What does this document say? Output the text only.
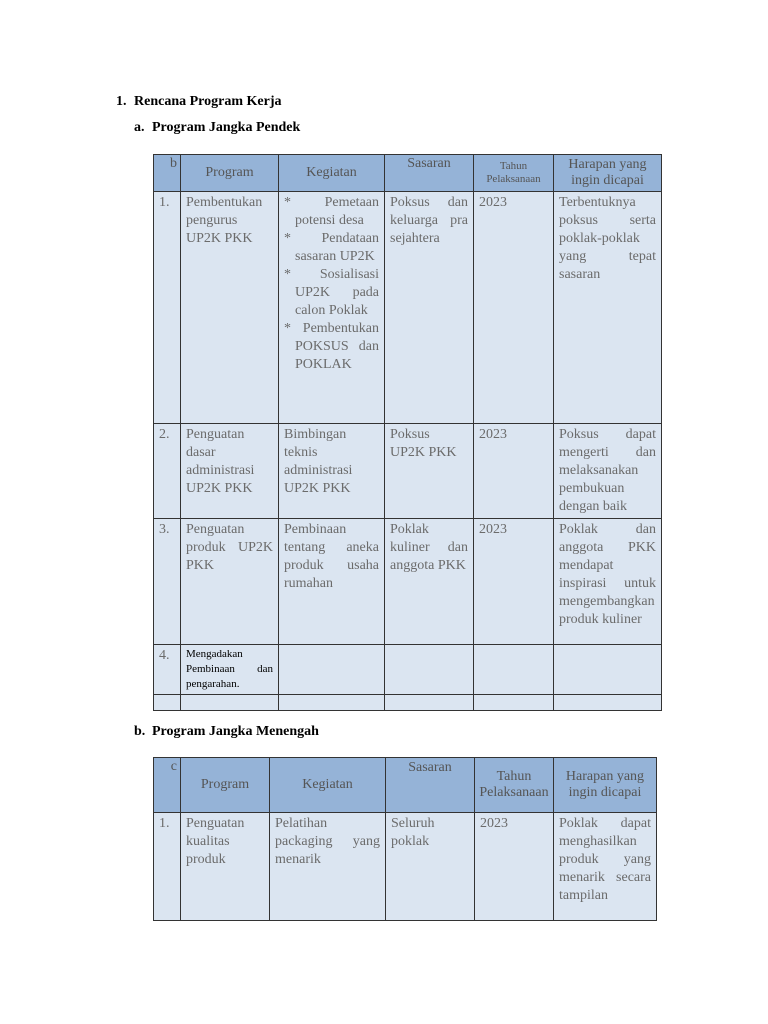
1. Rencana Program Kerja
a. Program Jangka Pendek
b	Program	Kegiatan	Sasaran	Tahun Pelaksanaan	Harapan yang ingin dicapai
1.	Pembentukan pengurus UP2K PKK	* Pemetaan potensi desa
* Pendataan sasaran UP2K
* Sosialisasi UP2K pada calon Poklak
* Pembentukan POKSUS dan POKLAK	Poksus dan keluarga pra sejahtera	2023	Terbentuknya poksus serta poklak-poklak yang tepat sasaran
2.	Penguatan dasar administrasi UP2K PKK	Bimbingan teknis administrasi UP2K PKK	Poksus UP2K PKK	2023	Poksus dapat mengerti dan melaksanakan pembukuan dengan baik
3.	Penguatan produk UP2K PKK	Pembinaan tentang aneka produk usaha rumahan	Poklak kuliner dan anggota PKK	2023	Poklak dan anggota PKK mendapat inspirasi untuk mengembangkan produk kuliner
4.	Mengadakan Pembinaan dan pengarahan.				

b. Program Jangka Menengah
c	Program	Kegiatan	Sasaran	Tahun Pelaksanaan	Harapan yang ingin dicapai
1.	Penguatan kualitas produk	Pelatihan packaging yang menarik	Seluruh poklak	2023	Poklak dapat menghasilkan produk yang menarik secara tampilan
